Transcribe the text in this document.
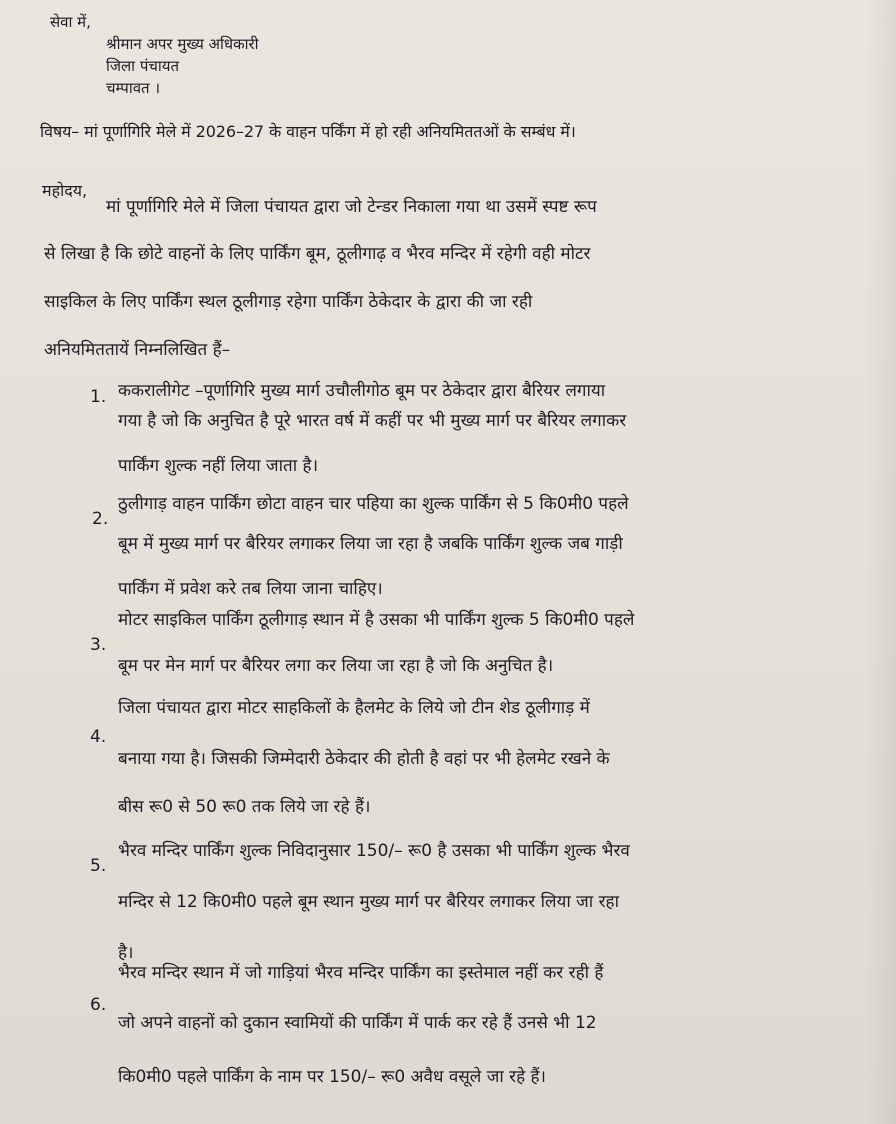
सेवा में,
श्रीमान अपर मुख्य अधिकारी
जिला पंचायत
चम्पावत ।
विषय– मां पूर्णागिरि मेले में 2026–27 के वाहन पर्किंग में हो रही अनियमिततओं के सम्बंध में।
महोदय,
मां पूर्णागिरि मेले में जिला पंचायत द्वारा जो टेन्डर निकाला गया था उसमें स्पष्ट रूप
से लिखा है कि छोटे वाहनों के लिए पार्किंग बूम, ठूलीगाढ़ व भैरव मन्दिर में रहेगी वही मोटर
साइकिल के लिए पार्किंग स्थल ठूलीगाड़ रहेगा पार्किंग ठेकेदार के द्वारा की जा रही
अनियमिततायें निम्नलिखित हैं–
1. ककरालीगेट –पूर्णागिरि मुख्य मार्ग उचौलीगोठ बूम पर ठेकेदार द्वारा बैरियर लगाया
गया है जो कि अनुचित है पूरे भारत वर्ष में कहीं पर भी मुख्य मार्ग पर बैरियर लगाकर
पार्किंग शुल्क नहीं लिया जाता है।
2.
ठुलीगाड़ वाहन पार्किंग छोटा वाहन चार पहिया का शुल्क पार्किंग से 5 कि0मी0 पहले
बूम में मुख्य मार्ग पर बैरियर लगाकर लिया जा रहा है जबकि पार्किंग शुल्क जब गाड़ी
पार्किंग में प्रवेश करे तब लिया जाना चाहिए।
3.
मोटर साइकिल पार्किंग ठूलीगाड़ स्थान में है उसका भी पार्किंग शुल्क 5 कि0मी0 पहले
बूम पर मेन मार्ग पर बैरियर लगा कर लिया जा रहा है जो कि अनुचित है।
4.
जिला पंचायत द्वारा मोटर साहकिलों के हैलमेट के लिये जो टीन शेड ठूलीगाड़ में
बनाया गया है। जिसकी जिम्मेदारी ठेकेदार की होती है वहां पर भी हेलमेट रखने के
बीस रू0 से 50 रू0 तक लिये जा रहे हैं।
5.
भैरव मन्दिर पार्किंग शुल्क निविदानुसार 150/– रू0 है उसका भी पार्किंग शुल्क भैरव
मन्दिर से 12 कि0मी0 पहले बूम स्थान मुख्य मार्ग पर बैरियर लगाकर लिया जा रहा
है।
6.
भैरव मन्दिर स्थान में जो गाड़ियां भैरव मन्दिर पार्किंग का इस्तेमाल नहीं कर रही हैं
जो अपने वाहनों को दुकान स्वामियों की पार्किंग में पार्क कर रहे हैं उनसे भी 12
कि0मी0 पहले पार्किंग के नाम पर 150/– रू0 अवैध वसूले जा रहे हैं।
